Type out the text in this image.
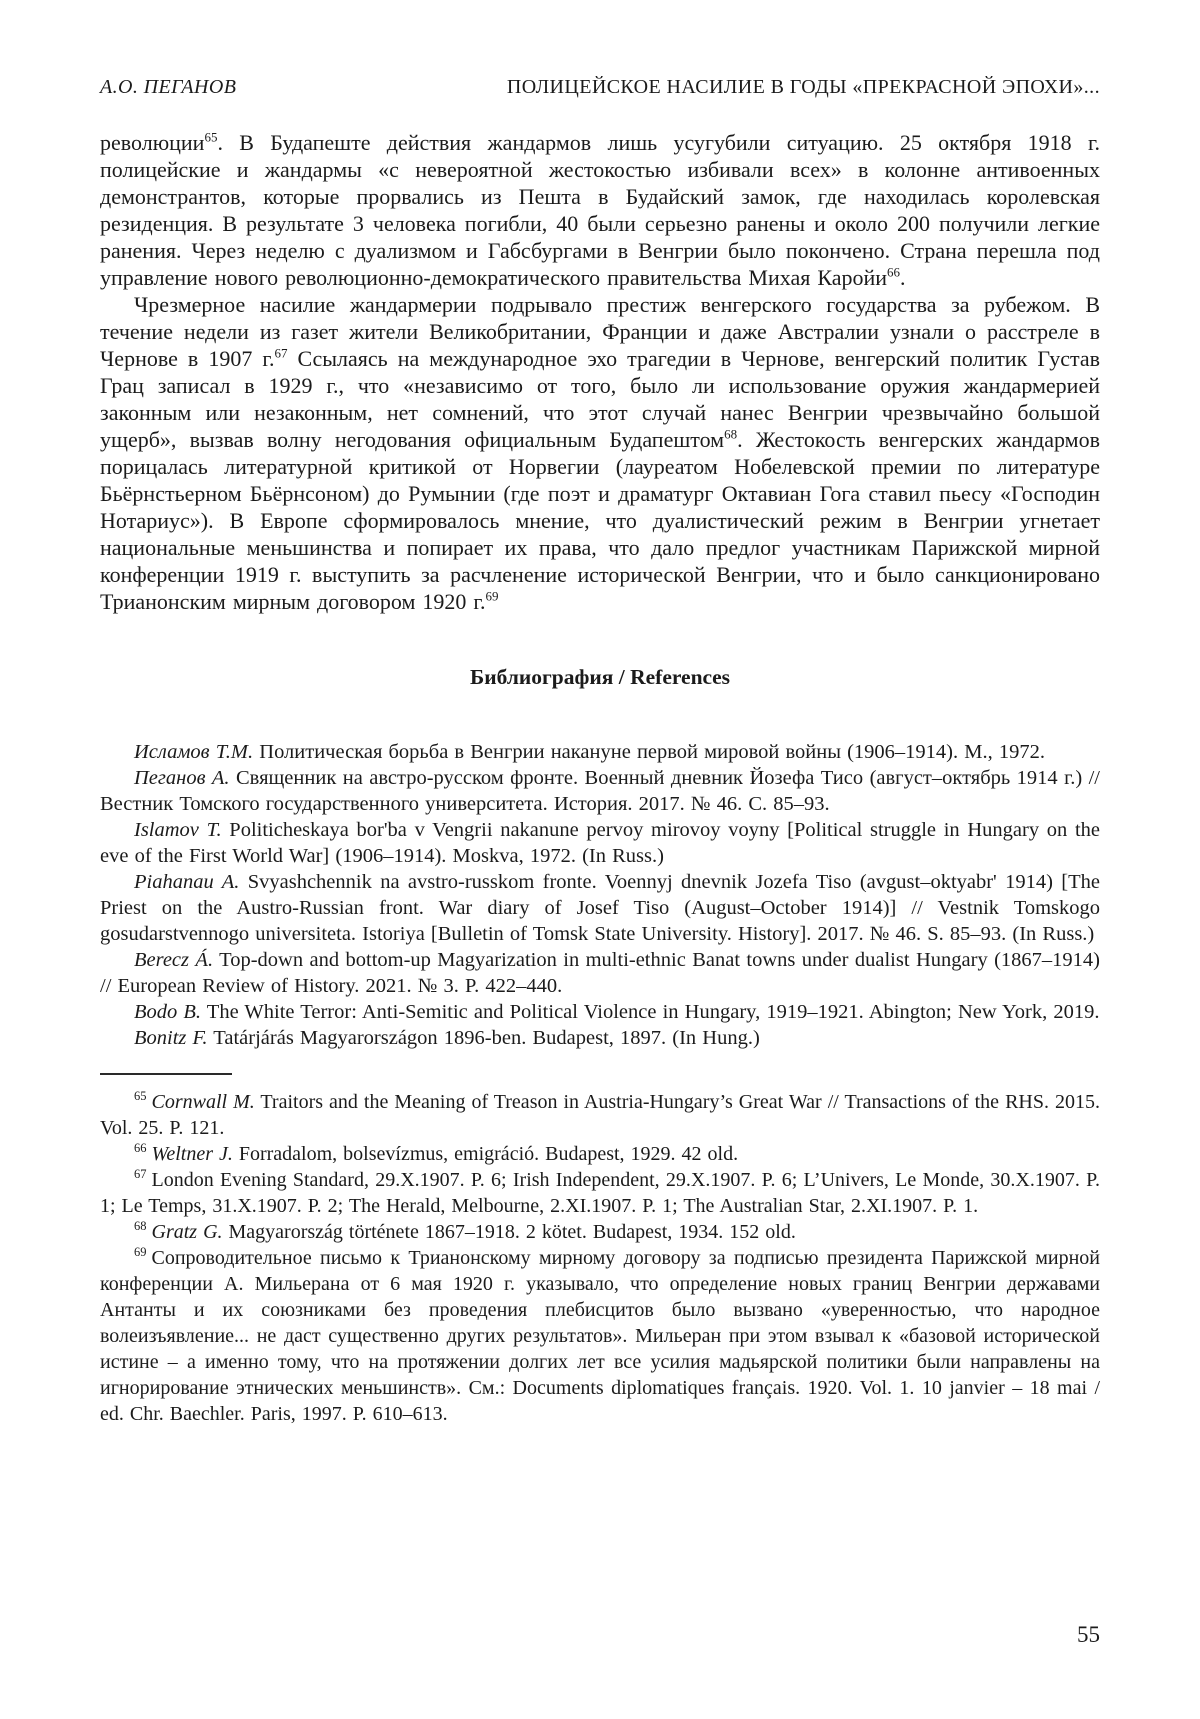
А.О. ПЕГАНОВ	ПОЛИЦЕЙСКОЕ НАСИЛИЕ В ГОДЫ «ПРЕКРАСНОЙ ЭПОХИ»...

революции$^{65}$. В Будапеште действия жандармов лишь усугубили ситуацию. 25 октября 1918 г. полицейские и жандармы «с невероятной жестокостью избивали всех» в колонне антивоенных демонстрантов, которые прорвались из Пешта в Будайский замок, где находилась королевская резиденция. В результате 3 человека погибли, 40 были серьезно ранены и около 200 получили легкие ранения. Через неделю с дуализмом и Габсбургами в Венгрии было покончено. Страна перешла под управление нового революционно-демократического правительства Михая Каройи$^{66}$.

Чрезмерное насилие жандармерии подрывало престиж венгерского государства за рубежом. В течение недели из газет жители Великобритании, Франции и даже Австралии узнали о расстреле в Чернове в 1907 г.$^{67}$ Ссылаясь на международное эхо трагедии в Чернове, венгерский политик Густав Грац записал в 1929 г., что «независимо от того, было ли использование оружия жандармерией законным или незаконным, нет сомнений, что этот случай нанес Венгрии чрезвычайно большой ущерб», вызвав волну негодования официальным Будапештом$^{68}$. Жестокость венгерских жандармов порицалась литературной критикой от Норвегии (лауреатом Нобелевской премии по литературе Бьёрнстьерном Бьёрнсоном) до Румынии (где поэт и драматург Октавиан Гога ставил пьесу «Господин Нотариус»). В Европе сформировалось мнение, что дуалистический режим в Венгрии угнетает национальные меньшинства и попирает их права, что дало предлог участникам Парижской мирной конференции 1919 г. выступить за расчленение исторической Венгрии, что и было санкционировано Трианонским мирным договором 1920 г.$^{69}$

Библиография / References

Исламов Т.М. Политическая борьба в Венгрии накануне первой мировой войны (1906–1914). М., 1972.

Пеганов А. Священник на австро-русском фронте. Военный дневник Йозефа Тисо (август–октябрь 1914 г.) // Вестник Томского государственного университета. История. 2017. № 46. С. 85–93.

Islamov T. Politicheskaya bor'ba v Vengrii nakanune pervoy mirovoy voyny [Political struggle in Hungary on the eve of the First World War] (1906–1914). Moskva, 1972. (In Russ.)

Piahanau A. Svyashchennik na avstro-russkom fronte. Voennyj dnevnik Jozefa Tiso (avgust–oktyabr' 1914) [The Priest on the Austro-Russian front. War diary of Josef Tiso (August–October 1914)] // Vestnik Tomskogo gosudarstvennogo universiteta. Istoriya [Bulletin of Tomsk State University. History]. 2017. № 46. S. 85–93. (In Russ.)

Berecz Á. Top-down and bottom-up Magyarization in multi-ethnic Banat towns under dualist Hungary (1867–1914) // European Review of History. 2021. № 3. P. 422–440.

Bodo B. The White Terror: Anti-Semitic and Political Violence in Hungary, 1919–1921. Abington; New York, 2019.

Bonitz F. Tatárjárás Magyarországon 1896-ben. Budapest, 1897. (In Hung.)

$^{65}$ Cornwall M. Traitors and the Meaning of Treason in Austria-Hungary’s Great War // Transactions of the RHS. 2015. Vol. 25. P. 121.

$^{66}$ Weltner J. Forradalom, bolsevízmus, emigráció. Budapest, 1929. 42 old.

$^{67}$ London Evening Standard, 29.X.1907. P. 6; Irish Independent, 29.X.1907. P. 6; L’Univers, Le Monde, 30.X.1907. P. 1; Le Temps, 31.X.1907. P. 2; The Herald, Melbourne, 2.XI.1907. P. 1; The Australian Star, 2.XI.1907. P. 1.

$^{68}$ Gratz G. Magyarország története 1867–1918. 2 kötet. Budapest, 1934. 152 old.

$^{69}$ Сопроводительное письмо к Трианонскому мирному договору за подписью президента Парижской мирной конференции А. Мильерана от 6 мая 1920 г. указывало, что определение новых границ Венгрии державами Антанты и их союзниками без проведения плебисцитов было вызвано «уверенностью, что народное волеизъявление... не даст существенно других результатов». Мильеран при этом взывал к «базовой исторической истине – а именно тому, что на протяжении долгих лет все усилия мадьярской политики были направлены на игнорирование этнических меньшинств». См.: Documents diplomatiques français. 1920. Vol. 1. 10 janvier – 18 mai / ed. Chr. Baechler. Paris, 1997. P. 610–613.

55
